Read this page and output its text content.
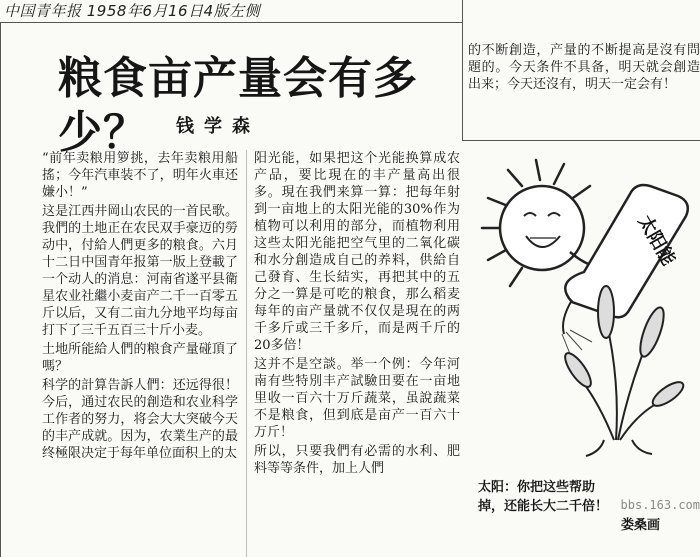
中国青年报 1958年6月16日4版左侧
粮食亩产量会有多少？	钱学森

“前年卖粮用箩挑，去年卖粮用船搖；今年汽車装不了，明年火車还嫌小！”

这是江西井岡山农民的一首民歌。我們的土地正在农民双手豪迈的勞动中，付給人們更多的粮食。六月十二日中国青年报第一版上登載了一个动人的消息：河南省遂平县衛星农业社繼小麦亩产二千一百零五斤以后，又有二亩九分地平均每亩打下了三千五百三十斤小麦。

土地所能給人們的粮食产量碰頂了嗎？

科学的計算告訴人們：还远得很！今后，通过农民的創造和农业科学工作者的努力，将会大大突破今天的丰产成就。因为，农業生产的最终極限决定于每年单位面积上的太

阳光能，如果把这个光能换算成农产品，要比現在的丰产量高出很多。現在我們来算一算：把每年射到一亩地上的太阳光能的30%作为植物可以利用的部分，而植物利用这些太阳光能把空气里的二氧化碳和水分創造成自己的养料，供給自己發育、生长結实，再把其中的五分之一算是可吃的粮食，那么稻麦每年的亩产量就不仅仅是現在的两千多斤或三千多斤，而是两千斤的20多倍！

这并不是空談。举一个例：今年河南有些特別丰产試驗田要在一亩地里收一百六十万斤蔬菜，虽說蔬菜不是粮食，但到底是亩产一百六十万斤！

所以，只要我們有必需的水利、肥料等等条件，加上人們

的不断創造，产量的不断提高是沒有問題的。今天条件不具备，明天就会創造出来；今天还沒有，明天一定会有！

太阳能
太阳：你把这些帮助
掉，还能长大二千倍！
娄桑画
bbs.163.com
